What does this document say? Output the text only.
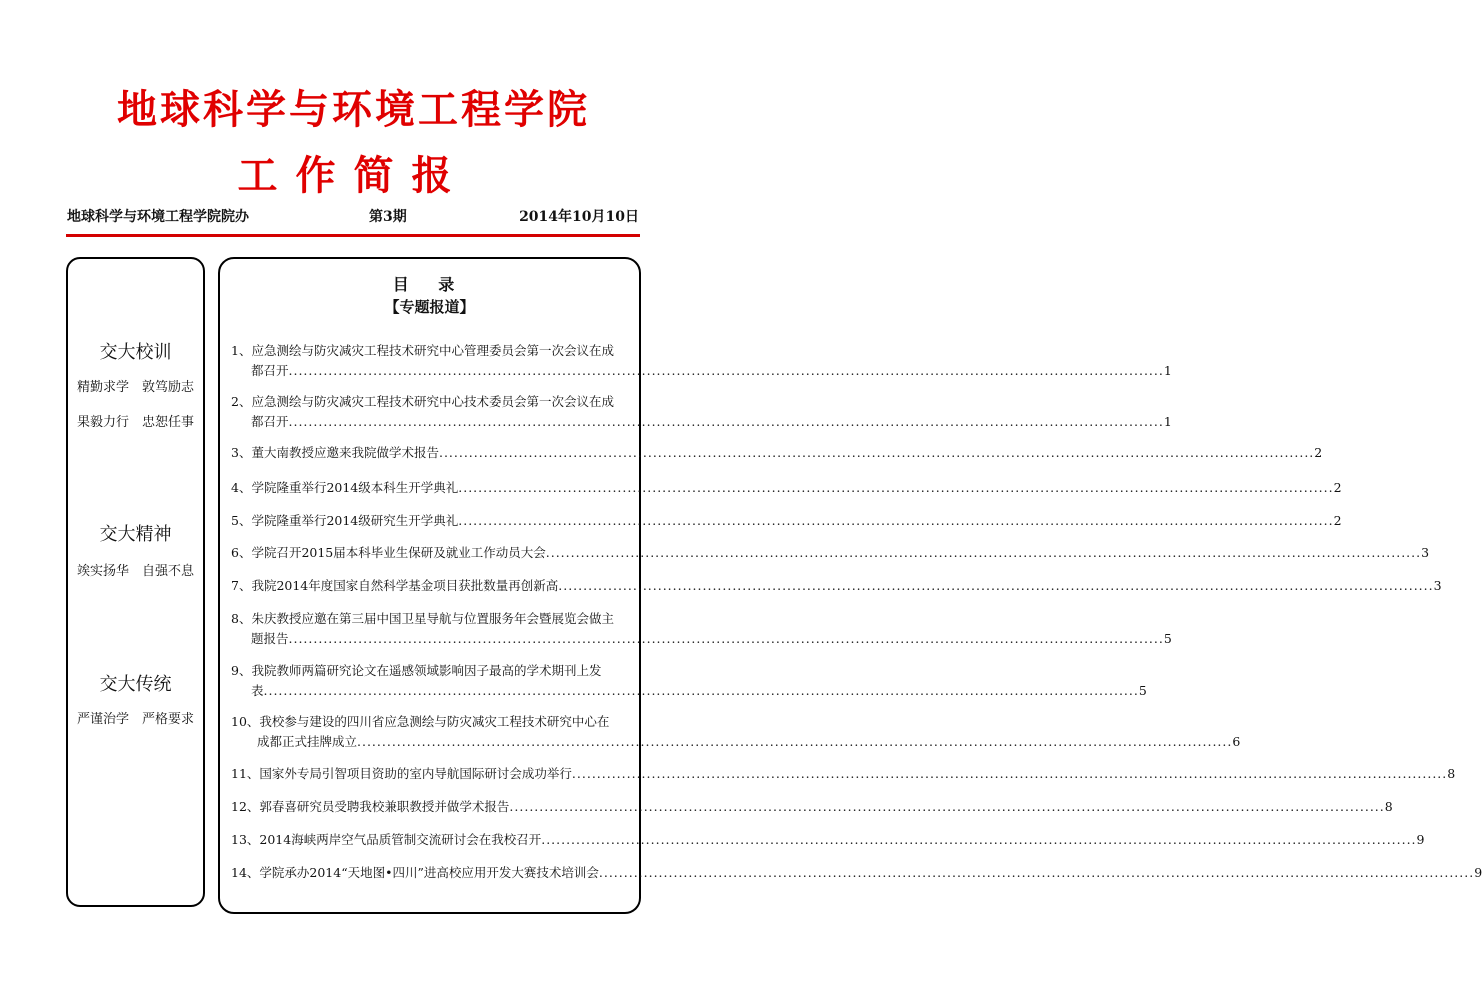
地球科学与环境工程学院
工作简报
地球科学与环境工程学院院办	第3期	2014年10月10日
交大校训
精勤求学　敦笃励志
果毅力行　忠恕任事
交大精神
竢实扬华　自强不息
交大传统
严谨治学　严格要求
目 录
【专题报道】
1、应急测绘与防灾减灾工程技术研究中心管理委员会第一次会议在成
都召开 ................................................................................................................................................................................ 1
2、应急测绘与防灾减灾工程技术研究中心技术委员会第一次会议在成
都召开 ................................................................................................................................................................................ 1
3、董大南教授应邀来我院做学术报告 ................................................................................................................................................................................ 2
4、学院隆重举行2014级本科生开学典礼 ................................................................................................................................................................................ 2
5、学院隆重举行2014级研究生开学典礼 ................................................................................................................................................................................ 2
6、学院召开2015届本科毕业生保研及就业工作动员大会 ................................................................................................................................................................................ 3
7、我院2014年度国家自然科学基金项目获批数量再创新高 ................................................................................................................................................................................ 3
8、朱庆教授应邀在第三届中国卫星导航与位置服务年会暨展览会做主
题报告 ................................................................................................................................................................................ 5
9、我院教师两篇研究论文在遥感领域影响因子最高的学术期刊上发
表 ................................................................................................................................................................................ 5
10、我校参与建设的四川省应急测绘与防灾减灾工程技术研究中心在
成都正式挂牌成立 ................................................................................................................................................................................ 6
11、国家外专局引智项目资助的室内导航国际研讨会成功举行 ................................................................................................................................................................................ 8
12、郭春喜研究员受聘我校兼职教授并做学术报告 ................................................................................................................................................................................ 8
13、2014海峡两岸空气品质管制交流研讨会在我校召开 ................................................................................................................................................................................ 9
14、学院承办2014“天地图•四川”进高校应用开发大赛技术培训会 ................................................................................................................................................................................ 9
